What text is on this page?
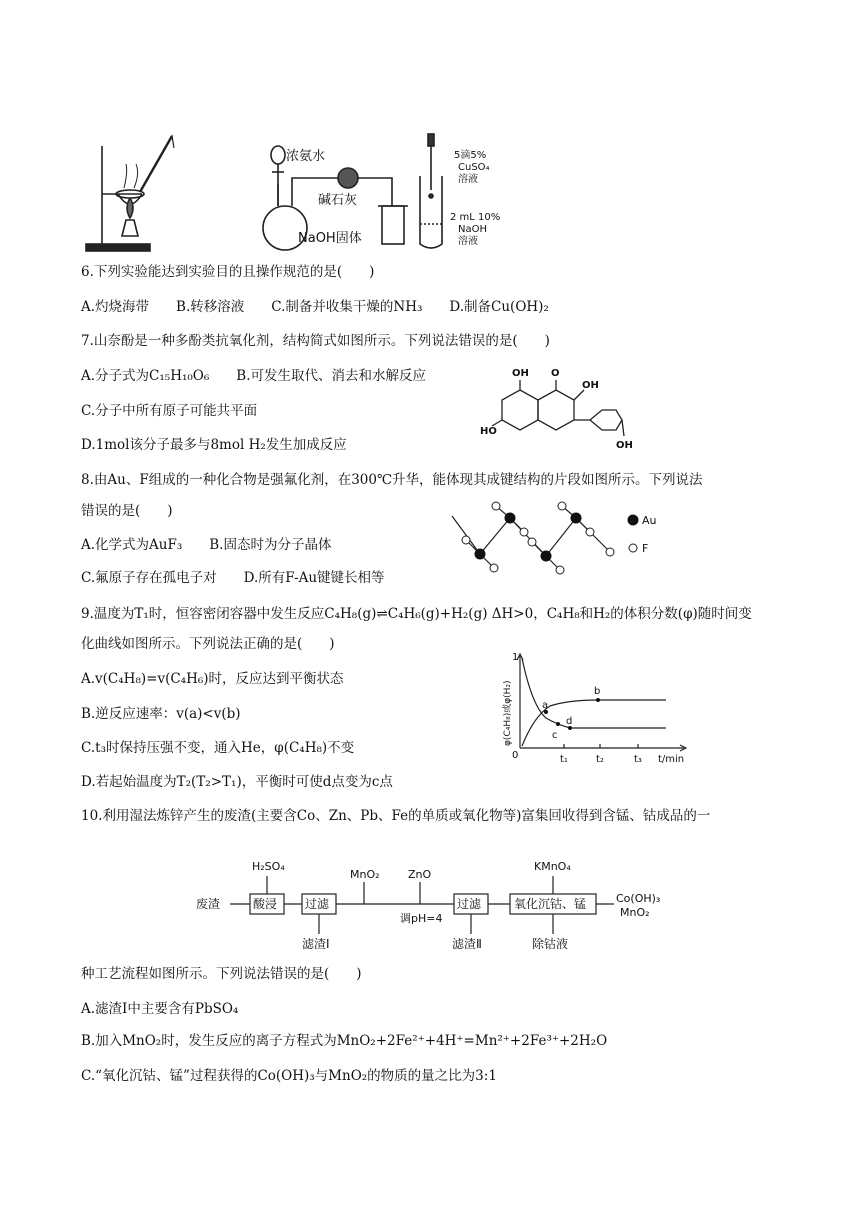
浓氨水
碱石灰
NaOH固体
5滴5%
CuSO₄
溶液
2 mL 10%
NaOH
溶液
6.下列实验能达到实验目的且操作规范的是(　　)
A.灼烧海带　　B.转移溶液　　C.制备并收集干燥的NH₃　　D.制备Cu(OH)₂
7.山奈酚是一种多酚类抗氧化剂，结构简式如图所示。下列说法错误的是(　　)
A.分子式为C₁₅H₁₀O₆　　B.可发生取代、消去和水解反应
C.分子中所有原子可能共平面
D.1mol该分子最多与8mol H₂发生加成反应
OH O
OH
HO
OH
8.由Au、F组成的一种化合物是强氟化剂，在300℃升华，能体现其成键结构的片段如图所示。下列说法
错误的是(　　)
A.化学式为AuF₃　　B.固态时为分子晶体
C.氟原子存在孤电子对　　D.所有F-Au键键长相等
Au
F
9.温度为T₁时，恒容密闭容器中发生反应C₄H₈(g)⇌C₄H₆(g)+H₂(g) ΔH>0，C₄H₈和H₂的体积分数(φ)随时间变
化曲线如图所示。下列说法正确的是(　　)
A.v(C₄H₈)=v(C₄H₆)时，反应达到平衡状态
B.逆反应速率：v(a)<v(b)
C.t₃时保持压强不变，通入He，φ(C₄H₈)不变
D.若起始温度为T₂(T₂>T₁)，平衡时可使d点变为c点
1
0	t₁	t₂	t₃ t/min
a
b
c
d
φ(C₄H₈)或φ(H₂)
10.利用湿法炼锌产生的废渣(主要含Co、Zn、Pb、Fe的单质或氧化物等)富集回收得到含锰、钴成品的一
废渣	酸浸
H₂SO₄
过滤
滤渣Ⅰ
MnO₂	ZnO
调pH=4
过滤
滤渣Ⅱ
KMnO₄
氧化沉钴、锰
除钴液
Co(OH)₃
MnO₂
种工艺流程如图所示。下列说法错误的是(　　)
A.滤渣Ⅰ中主要含有PbSO₄
B.加入MnO₂时，发生反应的离子方程式为MnO₂+2Fe²⁺+4H⁺=Mn²⁺+2Fe³⁺+2H₂O
C.“氧化沉钴、锰”过程获得的Co(OH)₃与MnO₂的物质的量之比为3:1
